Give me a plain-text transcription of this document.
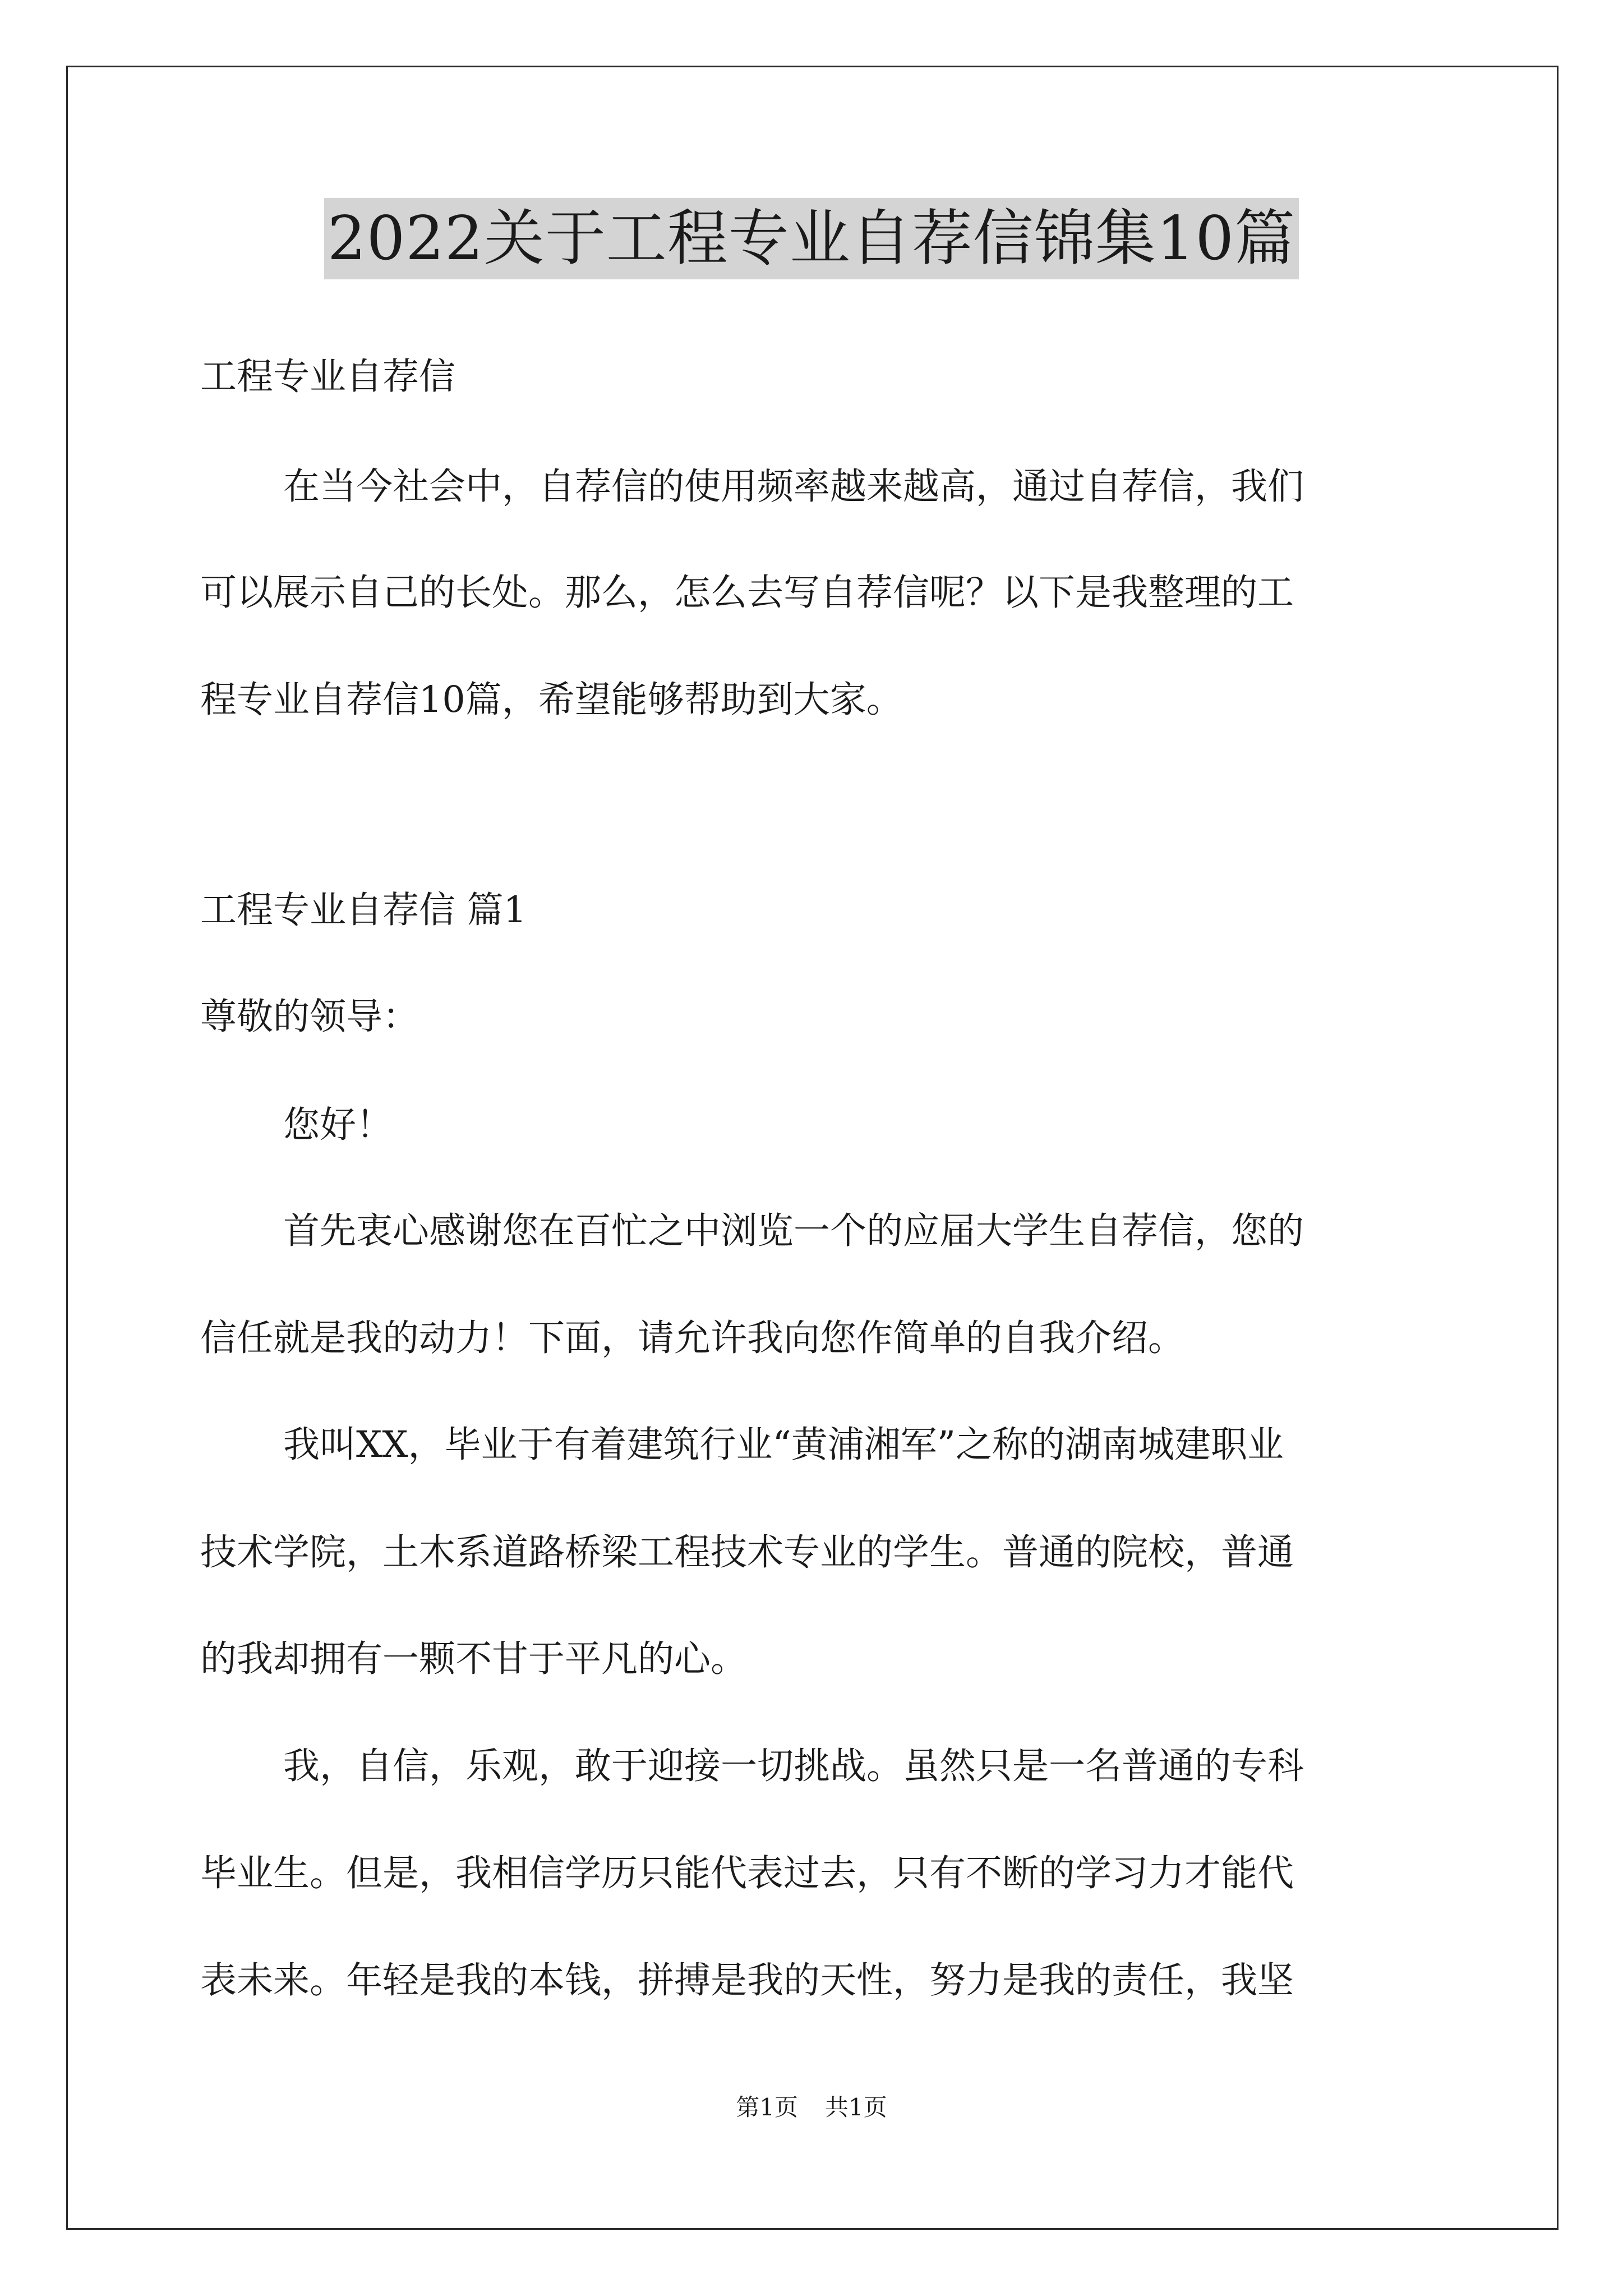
2022关于工程专业自荐信锦集10篇
工程专业自荐信
在当今社会中，自荐信的使用频率越来越高，通过自荐信，我们
可以展示自己的长处。那么，怎么去写自荐信呢？以下是我整理的工
程专业自荐信10篇，希望能够帮助到大家。
工程专业自荐信 篇1
尊敬的领导：
您好！
首先衷心感谢您在百忙之中浏览一个的应届大学生自荐信，您的
信任就是我的动力！下面，请允许我向您作简单的自我介绍。
我叫XX，毕业于有着建筑行业“黄浦湘军”之称的湖南城建职业
技术学院，土木系道路桥梁工程技术专业的学生。普通的院校，普通
的我却拥有一颗不甘于平凡的心。
我，自信，乐观，敢于迎接一切挑战。虽然只是一名普通的专科
毕业生。但是，我相信学历只能代表过去，只有不断的学习力才能代
表未来。年轻是我的本钱，拼搏是我的天性，努力是我的责任，我坚
第1页 共1页
